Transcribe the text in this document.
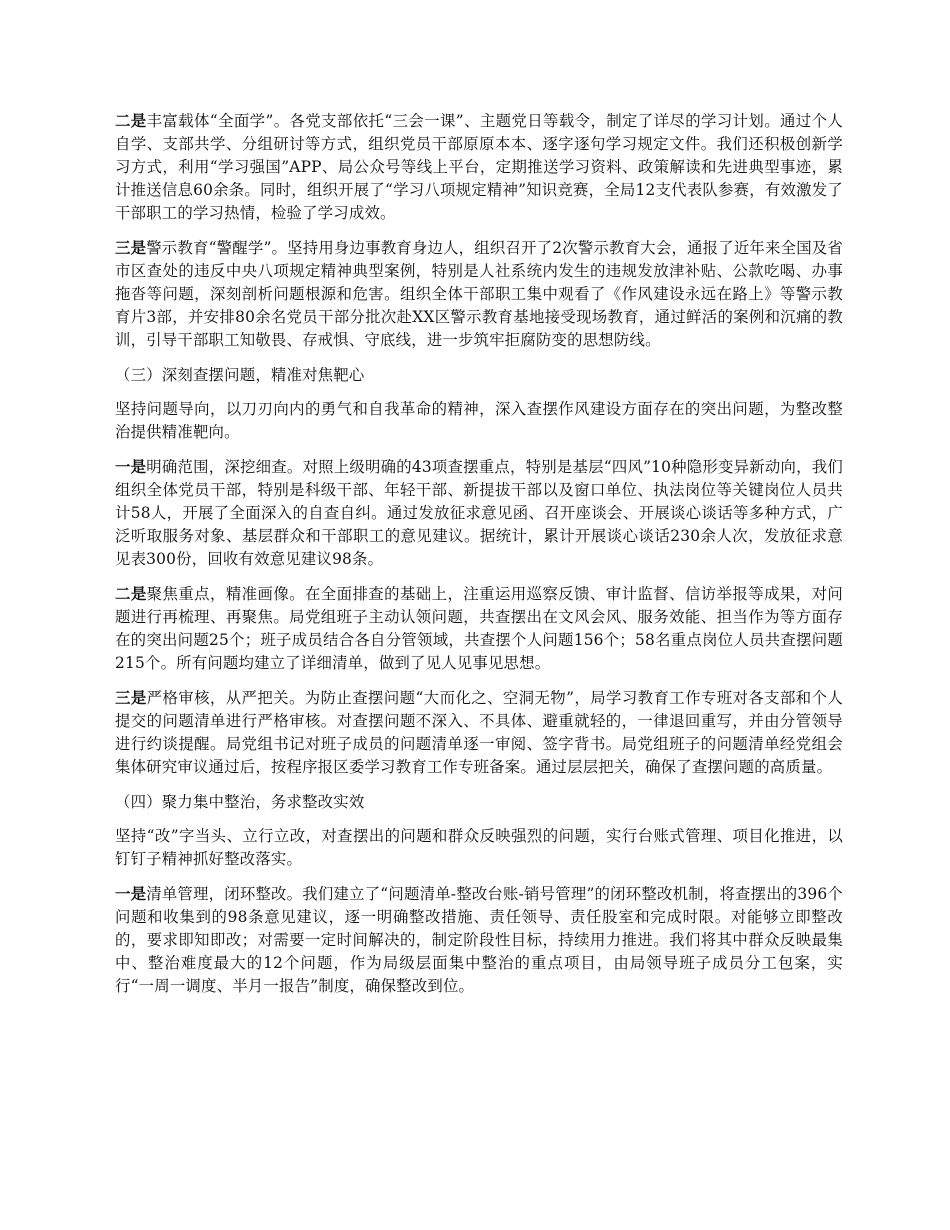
二是丰富载体“全面学”。各党支部依托“三会一课”、主题党日等载令，制定了详尽的学习计划。通过个人自学、支部共学、分组研讨等方式，组织党员干部原原本本、逐字逐句学习规定文件。我们还积极创新学习方式，利用“学习强国”APP、局公众号等线上平台，定期推送学习资料、政策解读和先进典型事迹，累计推送信息60余条。同时，组织开展了“学习八项规定精神”知识竞赛，全局12支代表队参赛，有效激发了干部职工的学习热情，检验了学习成效。

三是警示教育“警醒学”。坚持用身边事教育身边人，组织召开了2次警示教育大会，通报了近年来全国及省市区查处的违反中央八项规定精神典型案例，特别是人社系统内发生的违规发放津补贴、公款吃喝、办事拖沓等问题，深刻剖析问题根源和危害。组织全体干部职工集中观看了《作风建设永远在路上》等警示教育片3部，并安排80余名党员干部分批次赴XX区警示教育基地接受现场教育，通过鲜活的案例和沉痛的教训，引导干部职工知敬畏、存戒惧、守底线，进一步筑牢拒腐防变的思想防线。

（三）深刻查摆问题，精准对焦靶心

坚持问题导向，以刀刃向内的勇气和自我革命的精神，深入查摆作风建设方面存在的突出问题，为整改整治提供精准靶向。

一是明确范围，深挖细查。对照上级明确的43项查摆重点，特别是基层“四风”10种隐形变异新动向，我们组织全体党员干部，特别是科级干部、年轻干部、新提拔干部以及窗口单位、执法岗位等关键岗位人员共计58人，开展了全面深入的自查自纠。通过发放征求意见函、召开座谈会、开展谈心谈话等多种方式，广泛听取服务对象、基层群众和干部职工的意见建议。据统计，累计开展谈心谈话230余人次，发放征求意见表300份，回收有效意见建议98条。

二是聚焦重点，精准画像。在全面排查的基础上，注重运用巡察反馈、审计监督、信访举报等成果，对问题进行再梳理、再聚焦。局党组班子主动认领问题，共查摆出在文风会风、服务效能、担当作为等方面存在的突出问题25个；班子成员结合各自分管领域，共查摆个人问题156个；58名重点岗位人员共查摆问题215个。所有问题均建立了详细清单，做到了见人见事见思想。

三是严格审核，从严把关。为防止查摆问题“大而化之、空洞无物”，局学习教育工作专班对各支部和个人提交的问题清单进行严格审核。对查摆问题不深入、不具体、避重就轻的，一律退回重写，并由分管领导进行约谈提醒。局党组书记对班子成员的问题清单逐一审阅、签字背书。局党组班子的问题清单经党组会集体研究审议通过后，按程序报区委学习教育工作专班备案。通过层层把关，确保了查摆问题的高质量。

（四）聚力集中整治，务求整改实效

坚持“改”字当头、立行立改，对查摆出的问题和群众反映强烈的问题，实行台账式管理、项目化推进，以钉钉子精神抓好整改落实。

一是清单管理，闭环整改。我们建立了“问题清单-整改台账-销号管理”的闭环整改机制，将查摆出的396个问题和收集到的98条意见建议，逐一明确整改措施、责任领导、责任股室和完成时限。对能够立即整改的，要求即知即改；对需要一定时间解决的，制定阶段性目标，持续用力推进。我们将其中群众反映最集中、整治难度最大的12个问题，作为局级层面集中整治的重点项目，由局领导班子成员分工包案，实行“一周一调度、半月一报告”制度，确保整改到位。
